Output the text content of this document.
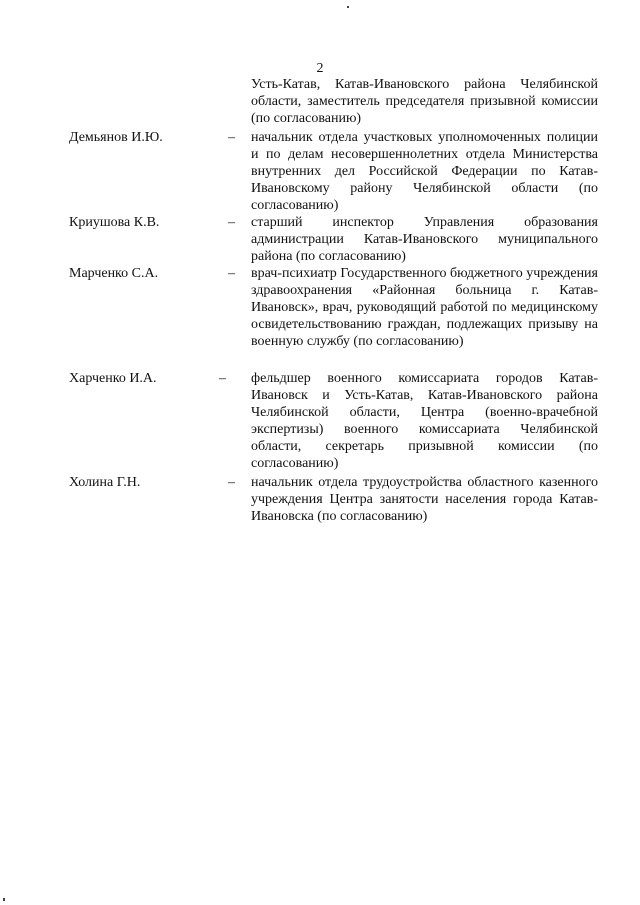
2
Усть-Катав, Катав-Ивановского района Челябинской области, заместитель председателя призывной комиссии (по согласованию)
Демьянов И.Ю.	– начальник отдела участковых уполномоченных полиции и по делам несовершеннолетних отдела Министерства внутренних дел Российской Федерации по Катав-Ивановскому району Челябинской области (по согласованию)
Криушова К.В.	– старший инспектор Управления образования администрации Катав-Ивановского муниципального района (по согласованию)
Марченко С.А.	– врач-психиатр Государственного бюджетного учреждения здравоохранения «Районная больница г. Катав-Ивановск», врач, руководящий работой по медицинскому освидетельствованию граждан, подлежащих призыву на военную службу (по согласованию)
Харченко И.А.	– фельдшер военного комиссариата городов Катав-Ивановск и Усть-Катав, Катав-Ивановского района Челябинской области, Центра (военно-врачебной экспертизы) военного комиссариата Челябинской области, секретарь призывной комиссии (по согласованию)
Холина Г.Н.	– начальник отдела трудоустройства областного казенного учреждения Центра занятости населения города Катав-Ивановска (по согласованию)
